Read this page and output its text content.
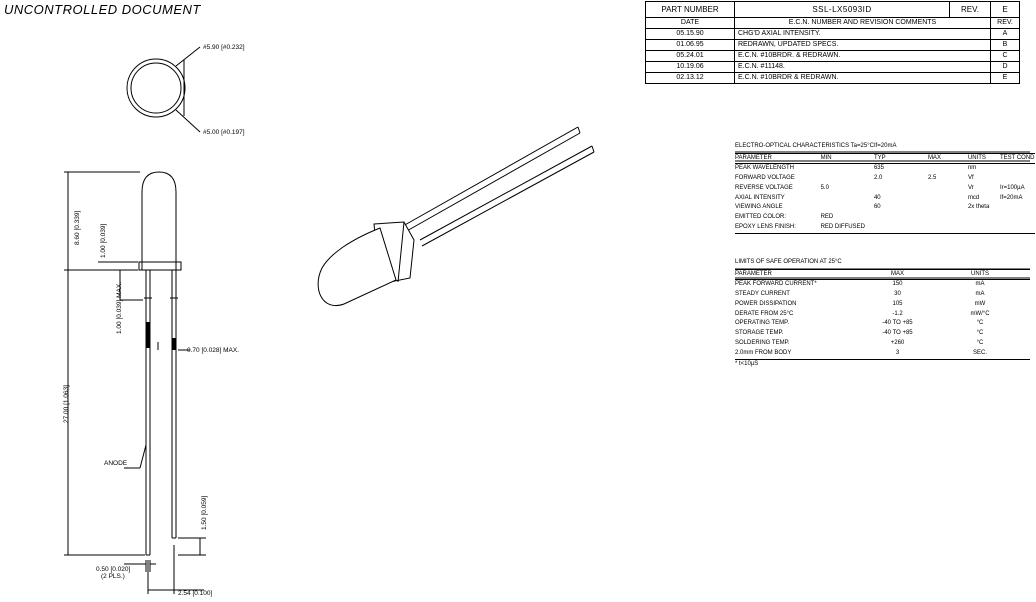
UNCONTROLLED DOCUMENT	PART NUMBER	SSL-LX5093ID	REV.	E
DATE	E.C.N. NUMBER AND REVISION COMMENTS		REV.
05.15.90	CHG'D AXIAL INTENSITY.		A
01.06.95	REDRAWN, UPDATED SPECS.		B
05.24.01	E.C.N. #10BRDR. & REDRAWN.		C
10.19.06	E.C.N. #11148.		D
02.13.12	E.C.N. #10BRDR & REDRAWN.		E
#5.90 [#0.232]
#5.00 [#0.197]
8.60 [0.339]	1.00 [0.039]
1.00 [0.039] MAX.
0.70 [0.028] MAX.
27.00 [1.063]
ANODE
1.50 [0.059]
0.50 [0.020]
(2 PLS.)
2.54 [0.100]
ELECTRO-OPTICAL CHARACTERISTICS Ta=25°C		If=20mA			
PARAMETER	MIN	TYP	MAX	UNITS	TEST COND
PEAK WAVELENGTH		635		nm	
FORWARD VOLTAGE		2.0	2.5	Vf	
REVERSE VOLTAGE	5.0			Vr	Ir=100µA
AXIAL INTENSITY		40		mcd	If=20mA
VIEWING ANGLE		60		2x theta	
EMITTED COLOR:	RED				
EPOXY LENS FINISH:	RED DIFFUSED				
LIMITS OF SAFE OPERATION AT 25°C		
PARAMETER	MAX	UNITS
PEAK FORWARD CURRENT*	150	mA
STEADY CURRENT	30	mA
POWER DISSIPATION	105	mW
DERATE FROM 25°C	-1.2	mW/°C
OPERATING TEMP.	-40 TO +85	°C
STORAGE TEMP.	-40 TO +85	°C
SOLDERING TEMP.	+260	°C
2.0mm FROM BODY	3	SEC.
* t<10µS		
